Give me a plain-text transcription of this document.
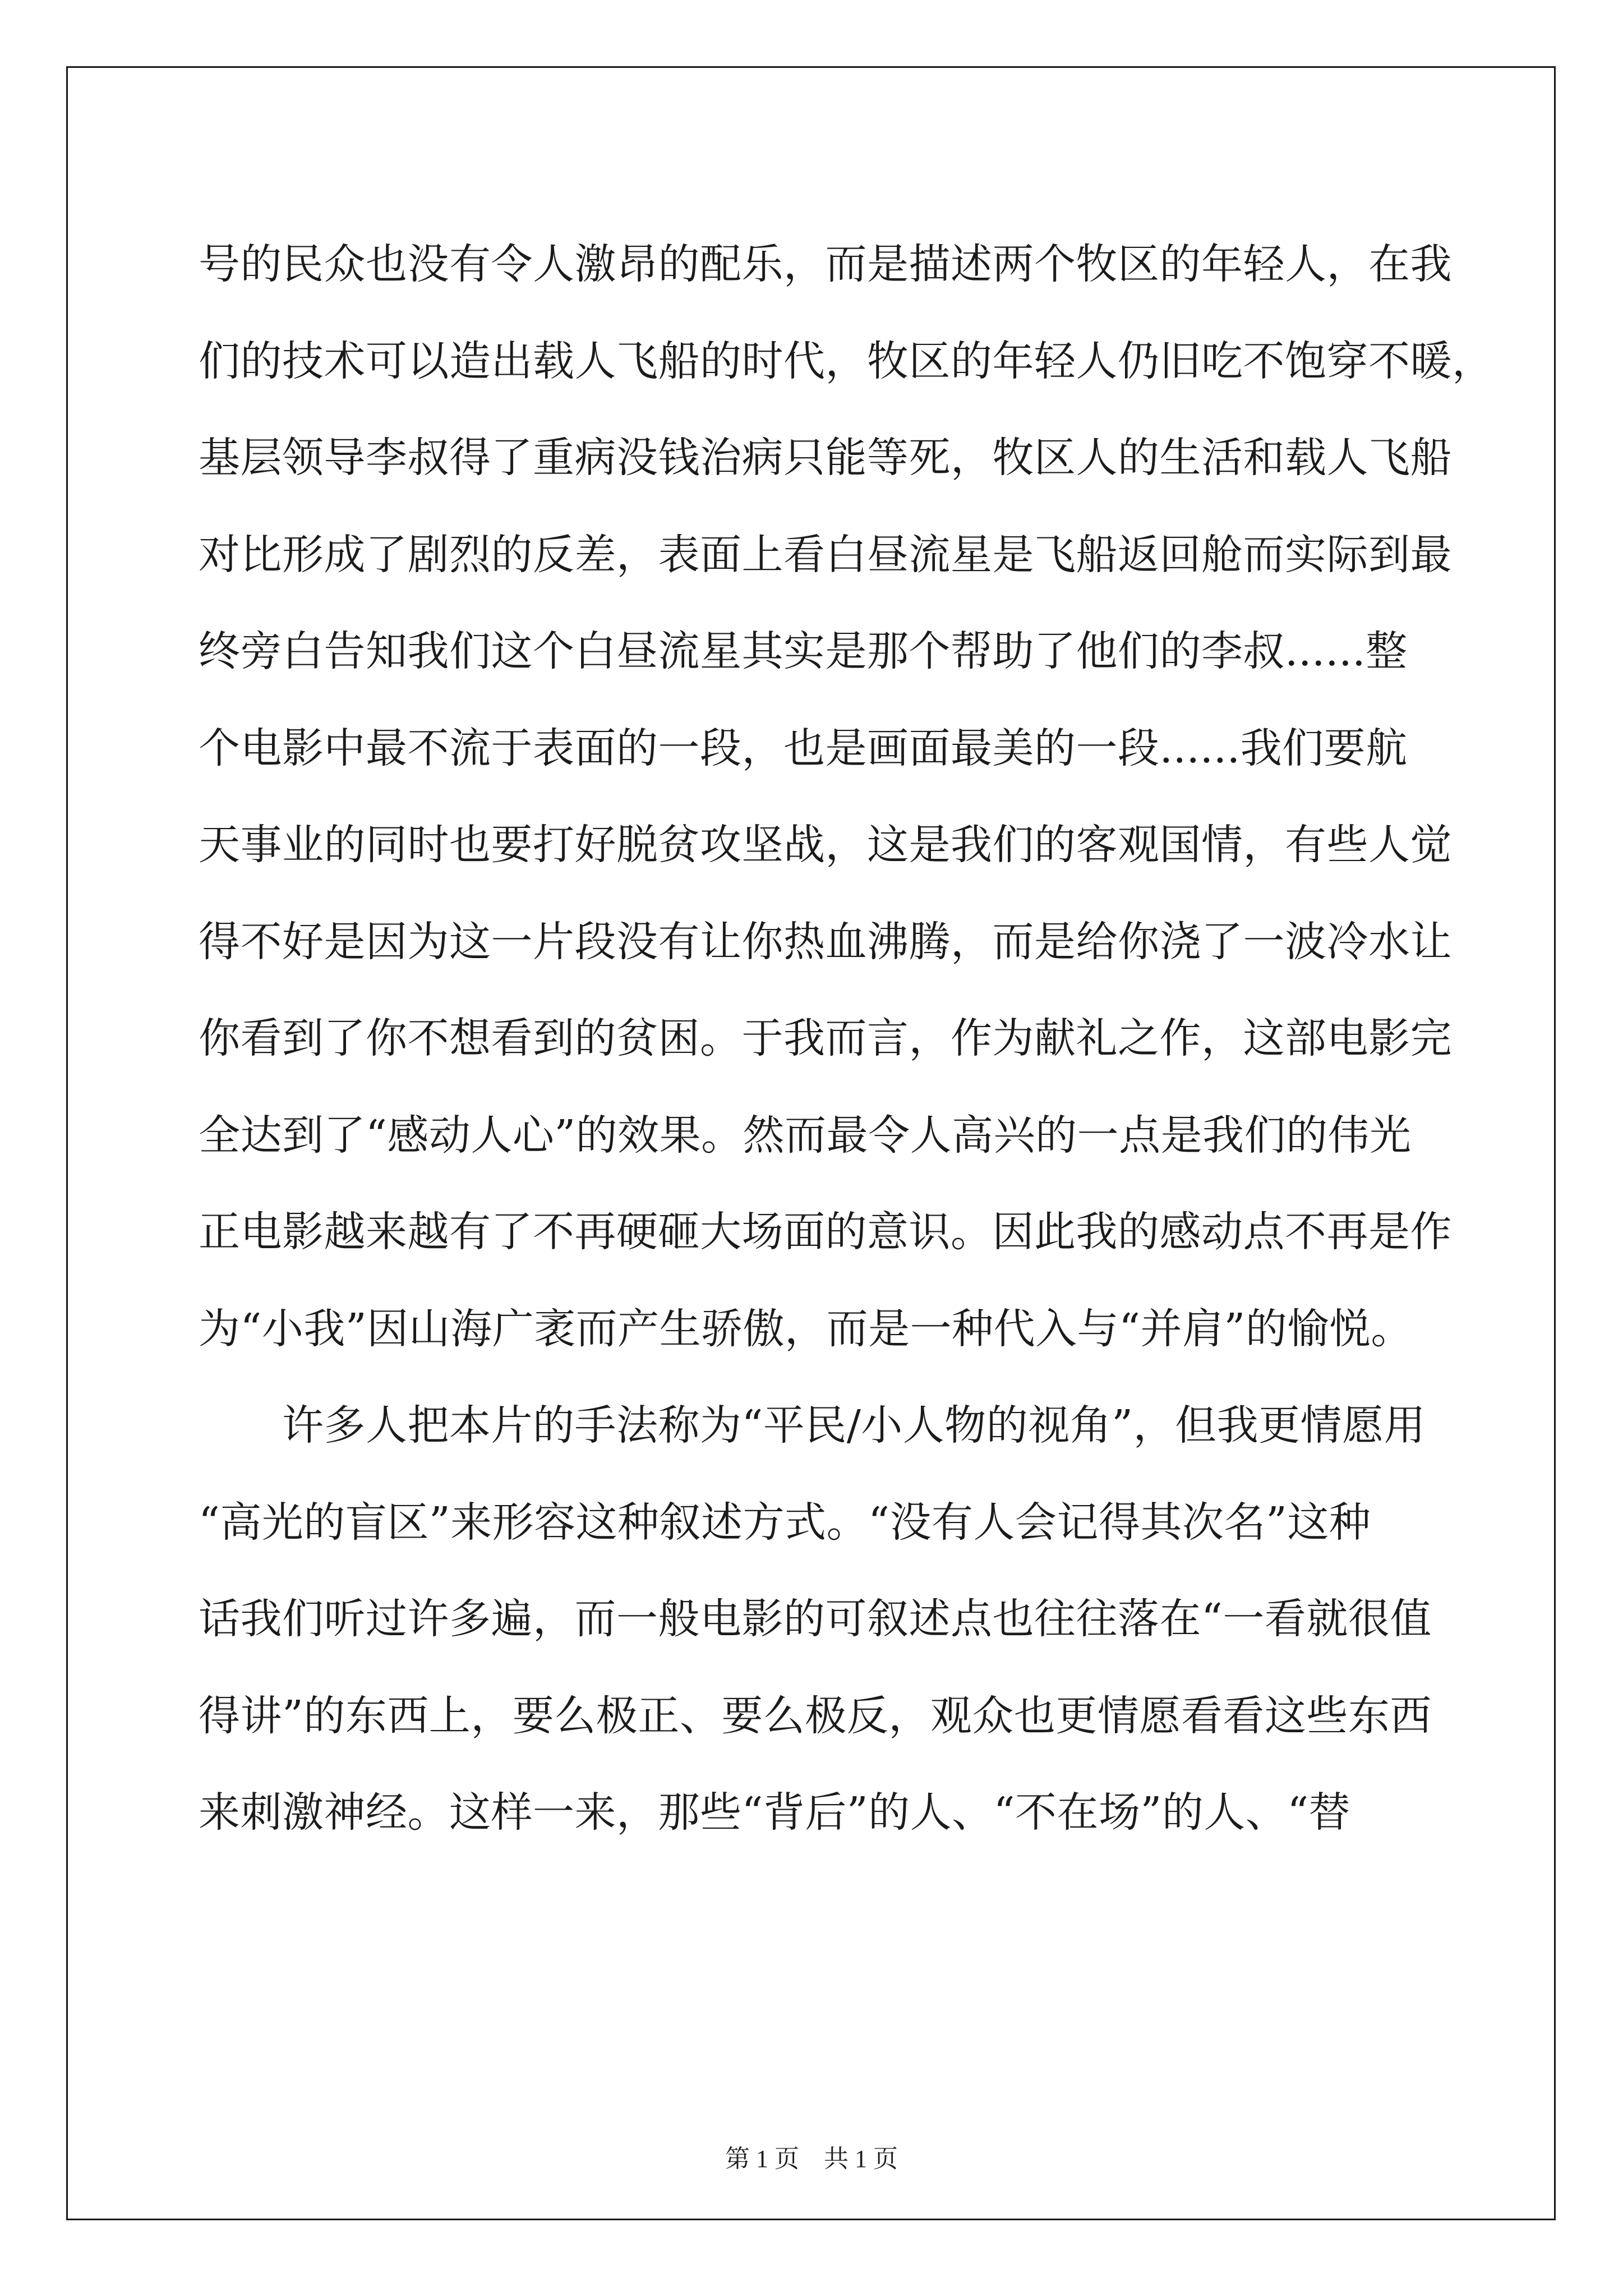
号的民众也没有令人激昂的配乐，而是描述两个牧区的年轻人，在我
们的技术可以造出载人飞船的时代，牧区的年轻人仍旧吃不饱穿不暖，
基层领导李叔得了重病没钱治病只能等死，牧区人的生活和载人飞船
对比形成了剧烈的反差，表面上看白昼流星是飞船返回舱而实际到最
终旁白告知我们这个白昼流星其实是那个帮助了他们的李叔......整
个电影中最不流于表面的一段，也是画面最美的一段......我们要航
天事业的同时也要打好脱贫攻坚战，这是我们的客观国情，有些人觉
得不好是因为这一片段没有让你热血沸腾，而是给你浇了一波冷水让
你看到了你不想看到的贫困。于我而言，作为献礼之作，这部电影完
全达到了“感动人心”的效果。然而最令人高兴的一点是我们的伟光
正电影越来越有了不再硬砸大场面的意识。因此我的感动点不再是作
为“小我”因山海广袤而产生骄傲，而是一种代入与“并肩”的愉悦。
　　许多人把本片的手法称为“平民/小人物的视角”，但我更情愿用
“高光的盲区”来形容这种叙述方式。“没有人会记得其次名”这种
话我们听过许多遍，而一般电影的可叙述点也往往落在“一看就很值
得讲”的东西上，要么极正、要么极反，观众也更情愿看看这些东西
来刺激神经。这样一来，那些“背后”的人、“不在场”的人、“替
第 1 页    共 1 页
